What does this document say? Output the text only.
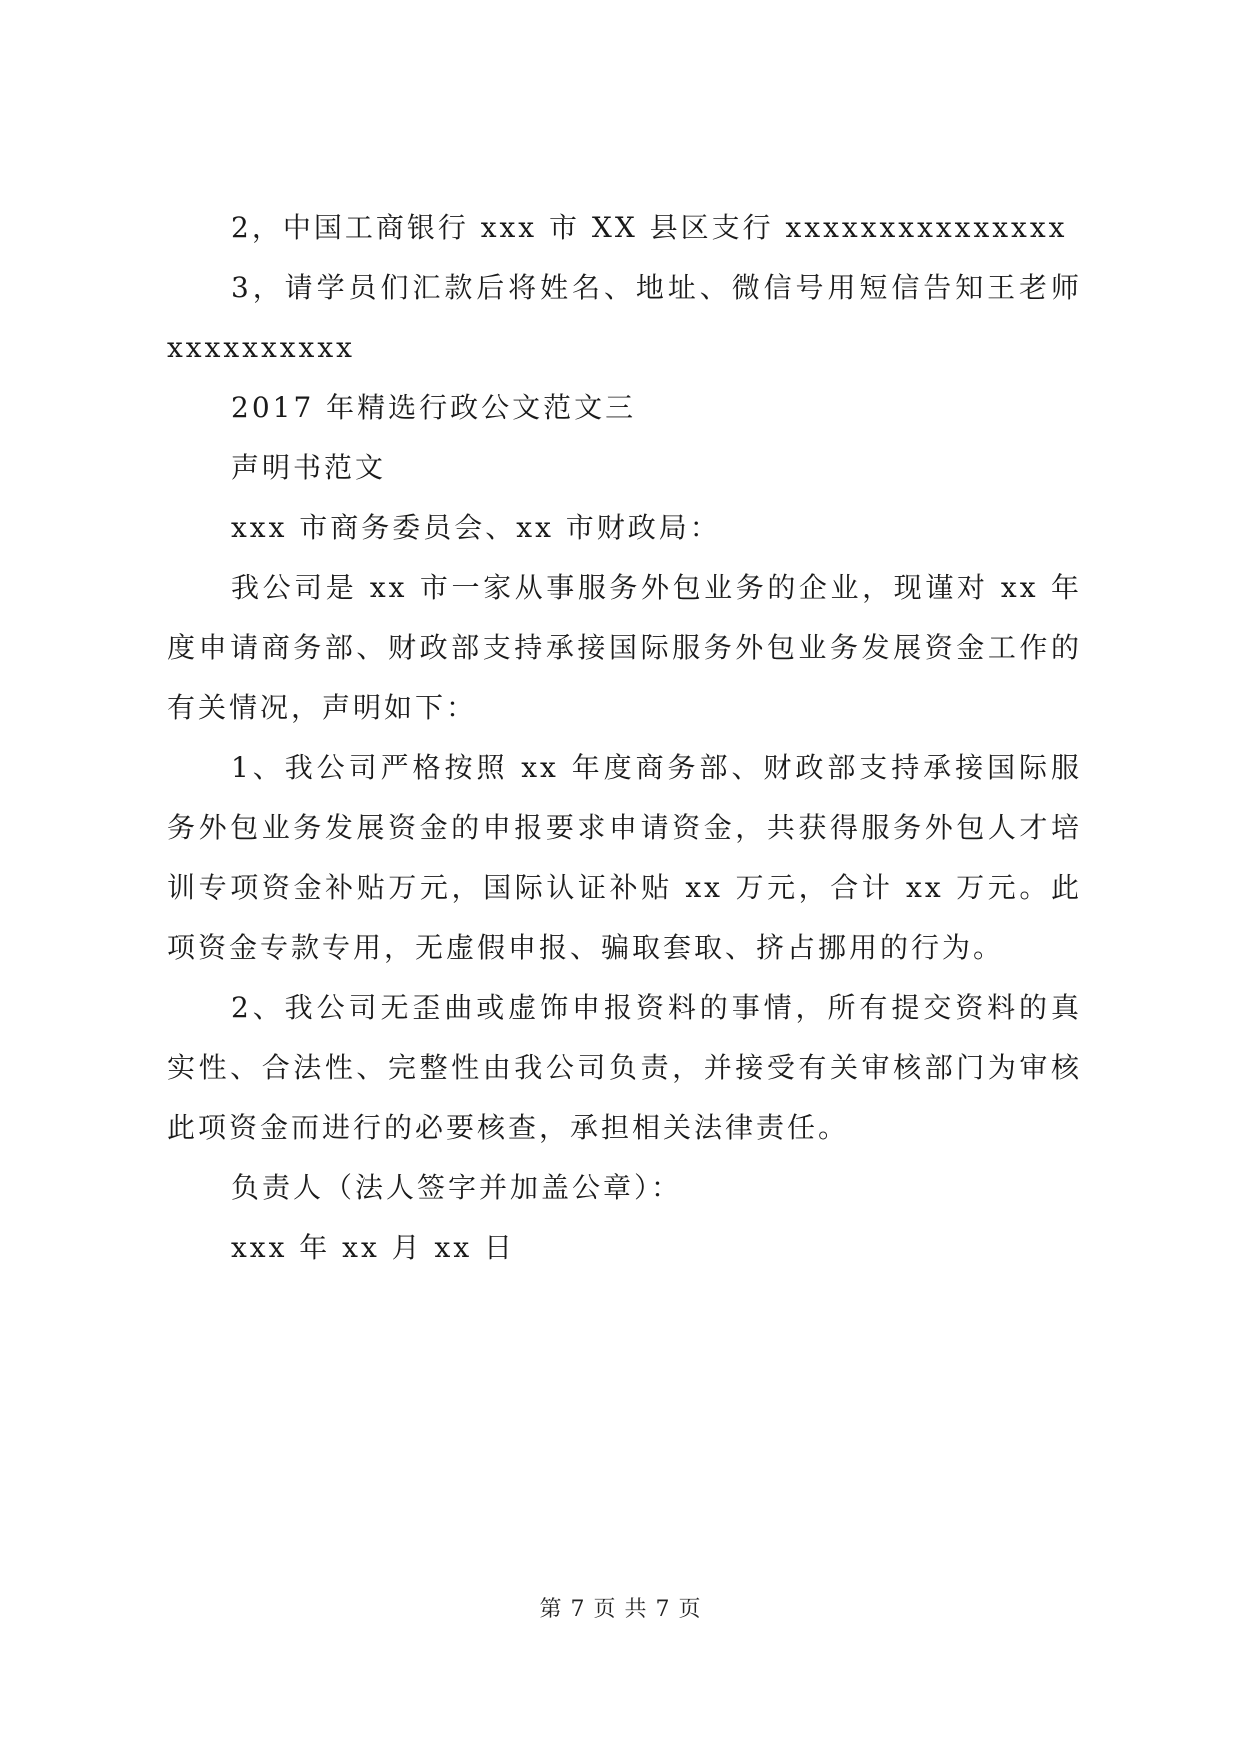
2，中国工商银行 xxx 市 XX 县区支行 xxxxxxxxxxxxxxx

3，请学员们汇款后将姓名、地址、微信号用短信告知王老师 xxxxxxxxxx

2017 年精选行政公文范文三

声明书范文

xxx 市商务委员会、xx 市财政局：

我公司是 xx 市一家从事服务外包业务的企业，现谨对 xx 年度申请商务部、财政部支持承接国际服务外包业务发展资金工作的有关情况，声明如下：

1、我公司严格按照 xx 年度商务部、财政部支持承接国际服务外包业务发展资金的申报要求申请资金，共获得服务外包人才培训专项资金补贴万元，国际认证补贴 xx 万元，合计 xx 万元。此项资金专款专用，无虚假申报、骗取套取、挤占挪用的行为。

2、我公司无歪曲或虚饰申报资料的事情，所有提交资料的真实性、合法性、完整性由我公司负责，并接受有关审核部门为审核此项资金而进行的必要核查，承担相关法律责任。

负责人（法人签字并加盖公章）：

xxx 年 xx 月 xx 日

第 7 页 共 7 页
